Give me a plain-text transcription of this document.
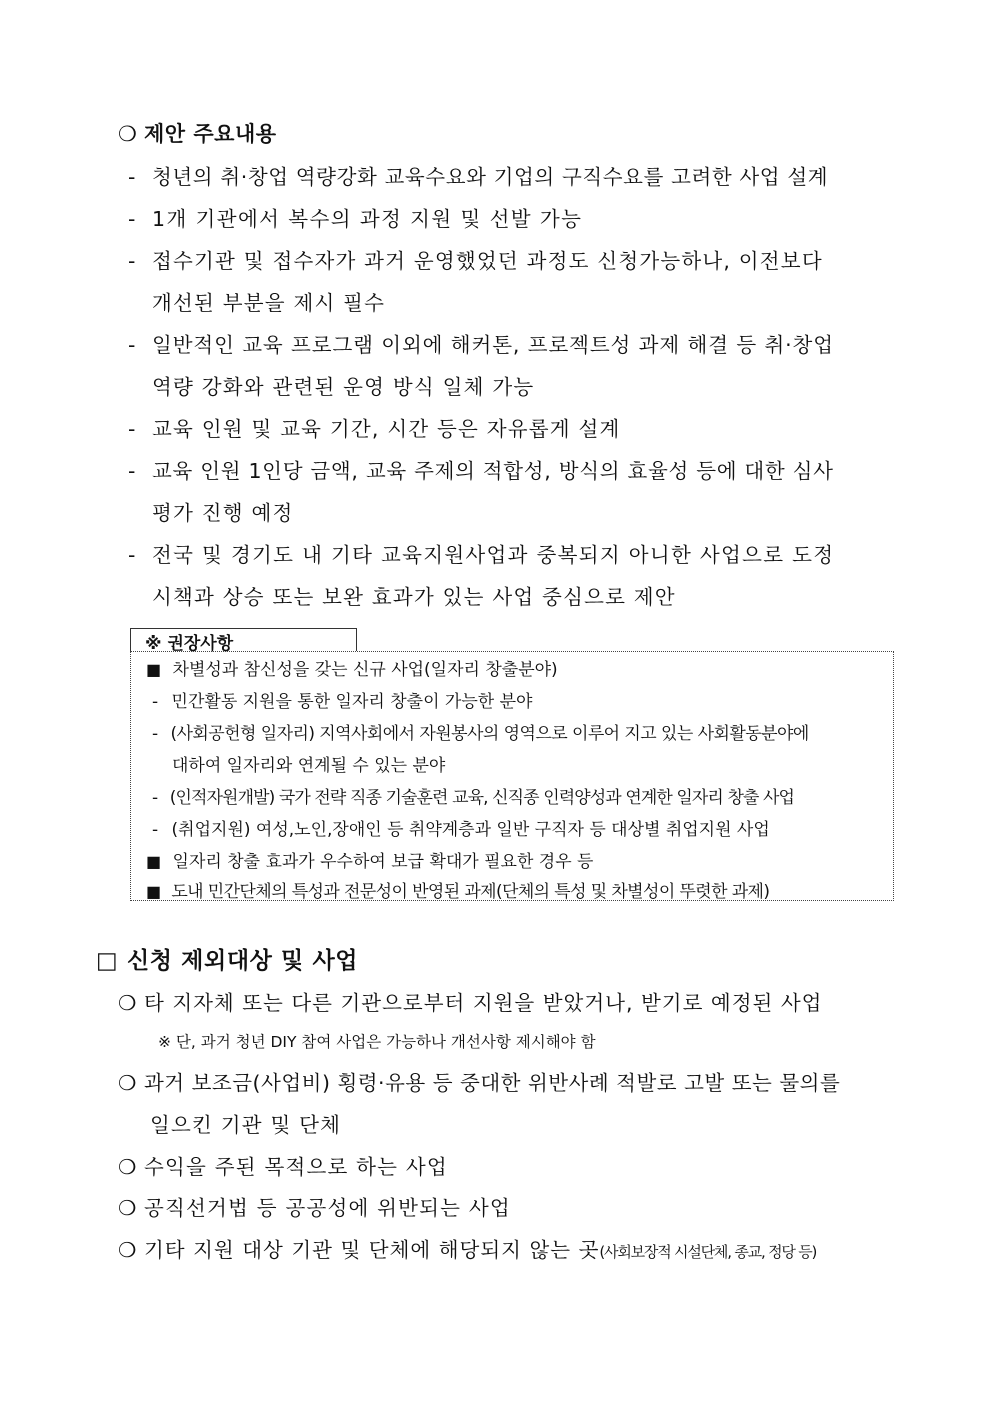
❍ 제안 주요내용
- 청년의 취·창업 역량강화 교육수요와 기업의 구직수요를 고려한 사업 설계
- 1개 기관에서 복수의 과정 지원 및 선발 가능
- 접수기관 및 접수자가 과거 운영했었던 과정도 신청가능하나, 이전보다
개선된 부분을 제시 필수
- 일반적인 교육 프로그램 이외에 해커톤, 프로젝트성 과제 해결 등 취·창업
역량 강화와 관련된 운영 방식 일체 가능
- 교육 인원 및 교육 기간, 시간 등은 자유롭게 설계
- 교육 인원 1인당 금액, 교육 주제의 적합성, 방식의 효율성 등에 대한 심사
평가 진행 예정
- 전국 및 경기도 내 기타 교육지원사업과 중복되지 아니한 사업으로 도정
시책과 상승 또는 보완 효과가 있는 사업 중심으로 제안
※ 권장사항
■ 차별성과 참신성을 갖는 신규 사업(일자리 창출분야)
- 민간활동 지원을 통한 일자리 창출이 가능한 분야
- (사회공헌형 일자리) 지역사회에서 자원봉사의 영역으로 이루어 지고 있는 사회활동분야에
대하여 일자리와 연계될 수 있는 분야
- (인적자원개발) 국가 전략 직종 기술훈련 교육, 신직종 인력양성과 연계한 일자리 창출 사업
- (취업지원) 여성,노인,장애인 등 취약계층과 일반 구직자 등 대상별 취업지원 사업
■ 일자리 창출 효과가 우수하여 보급 확대가 필요한 경우 등
■ 도내 민간단체의 특성과 전문성이 반영된 과제(단체의 특성 및 차별성이 뚜렷한 과제)
□ 신청 제외대상 및 사업
❍ 타 지자체 또는 다른 기관으로부터 지원을 받았거나, 받기로 예정된 사업
※ 단, 과거 청년 DIY 참여 사업은 가능하나 개선사항 제시해야 함
❍ 과거 보조금(사업비) 횡령·유용 등 중대한 위반사례 적발로 고발 또는 물의를
일으킨 기관 및 단체
❍ 수익을 주된 목적으로 하는 사업
❍ 공직선거법 등 공공성에 위반되는 사업
❍ 기타 지원 대상 기관 및 단체에 해당되지 않는 곳(사회보장적 시설단체, 종교, 정당 등)
